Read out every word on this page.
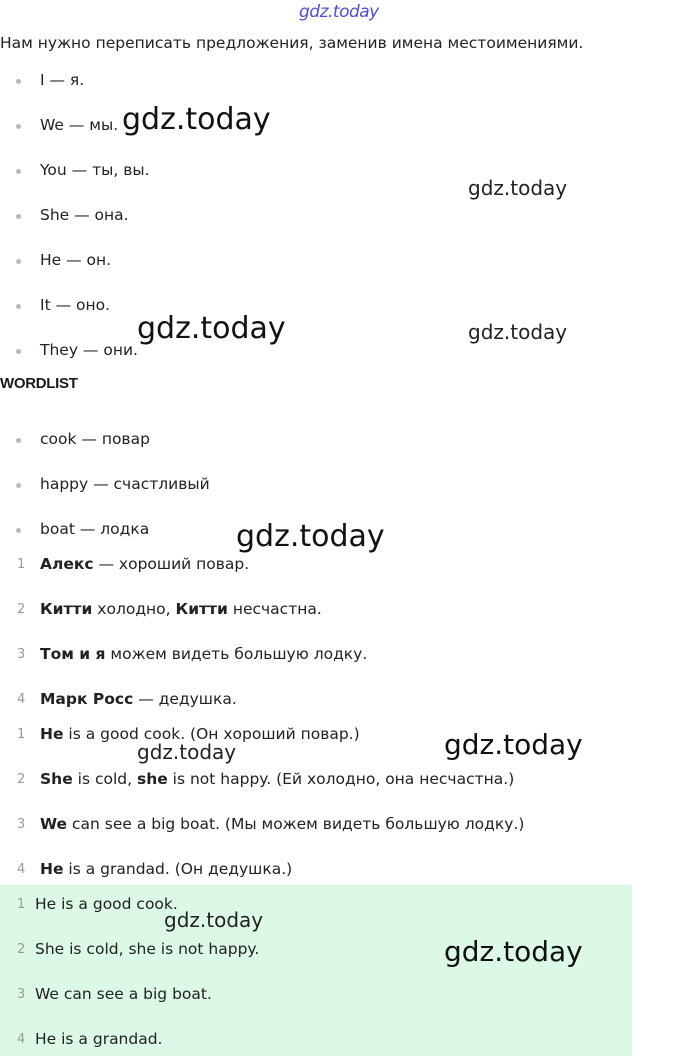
gdz.today
Нам нужно переписать предложения, заменив имена местоимениями.
I — я.
We — мы.
You — ты, вы.
She — она.
He — он.
It — оно.
They — они.
WORDLIST
cook — повар
happy — счастливый
boat — лодка
1 Алекс — хороший повар.
2 Китти холодно, Китти несчастна.
3 Том и я можем видеть большую лодку.
4 Марк Росс — дедушка.
1 He is a good cook. (Он хороший повар.)
2 She is cold, she is not happy. (Ей холодно, она несчастна.)
3 We can see a big boat. (Мы можем видеть большую лодку.)
4 He is a grandad. (Он дедушка.)
1 He is a good cook.
2 She is cold, she is not happy.
3 We can see a big boat.
4 He is a grandad.
gdz.today
gdz.today
gdz.today	gdz.today
gdz.today
gdz.today	gdz.today
gdz.today
gdz.today
